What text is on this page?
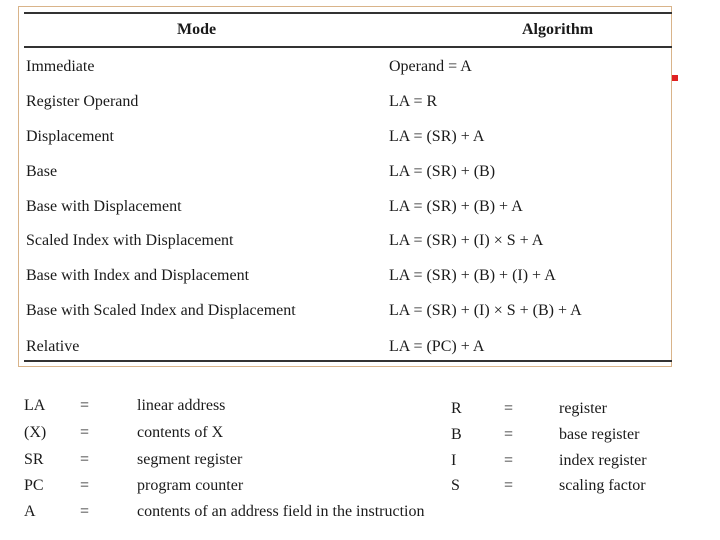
Mode	Algorithm
Immediate	Operand = A
Register Operand	LA = R
Displacement	LA = (SR) + A
Base	LA = (SR) + (B)
Base with Displacement	LA = (SR) + (B) + A
Scaled Index with Displacement	LA = (SR) + (I) × S + A
Base with Index and Displacement	LA = (SR) + (B) + (I) + A
Base with Scaled Index and Displacement	LA = (SR) + (I) × S + (B) + A
Relative	LA = (PC) + A
LA =	linear address
(X) =	contents of X
SR =	segment register
PC =	program counter
A	=	contents of an address field in the instruction
R	=	register
B	=	base register
I	=	index register
S	=	scaling factor
